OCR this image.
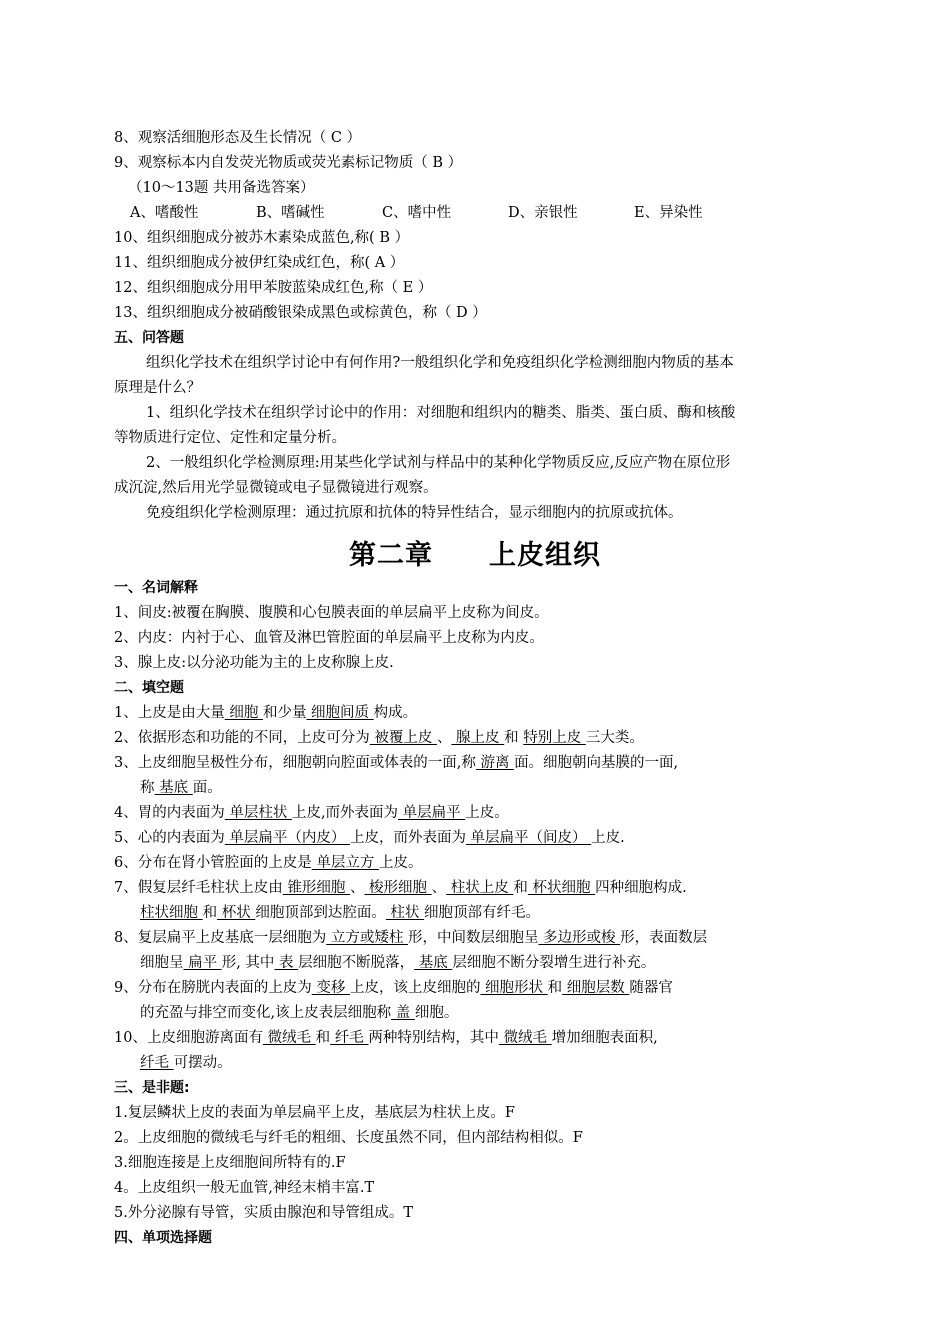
8、观察活细胞形态及生长情况（ C ）
9、观察标本内自发荧光物质或荧光素标记物质（ B ）
（10～13题 共用备选答案）
A、嗜酸性	B、嗜碱性	C、嗜中性	D、亲银性	E、异染性
10、组织细胞成分被苏木素染成蓝色,称( B ）
11、组织细胞成分被伊红染成红色，称( A ）
12、组织细胞成分用甲苯胺蓝染成红色,称（ E ）
13、组织细胞成分被硝酸银染成黑色或棕黄色，称（ D ）
五、问答题
组织化学技术在组织学讨论中有何作用?一般组织化学和免疫组织化学检测细胞内物质的基本
原理是什么？
1、组织化学技术在组织学讨论中的作用：对细胞和组织内的糖类、脂类、蛋白质、酶和核酸
等物质进行定位、定性和定量分析。
2、一般组织化学检测原理:用某些化学试剂与样品中的某种化学物质反应,反应产物在原位形
成沉淀,然后用光学显微镜或电子显微镜进行观察。
免疫组织化学检测原理：通过抗原和抗体的特异性结合，显示细胞内的抗原或抗体。
第二章 上皮组织
一、名词解释
1、间皮:被覆在胸膜、腹膜和心包膜表面的单层扁平上皮称为间皮。
2、内皮：内衬于心、血管及淋巴管腔面的单层扁平上皮称为内皮。
3、腺上皮:以分泌功能为主的上皮称腺上皮.
二、填空题
1、上皮是由大量 细胞 和少量 细胞间质 构成。
2、依据形态和功能的不同，上皮可分为 被覆上皮 、 腺上皮 和 特别上皮 三大类。
3、上皮细胞呈极性分布，细胞朝向腔面或体表的一面,称 游离 面。细胞朝向基膜的一面,
称 基底 面。
4、胃的内表面为 单层柱状 上皮,而外表面为 单层扁平 上皮。
5、心的内表面为 单层扁平（内皮） 上皮，而外表面为 单层扁平（间皮） 上皮.
6、分布在肾小管腔面的上皮是 单层立方 上皮。
7、假复层纤毛柱状上皮由 锥形细胞 、 梭形细胞 、 柱状上皮 和 杯状细胞 四种细胞构成.
柱状细胞 和 杯状 细胞顶部到达腔面。 柱状 细胞顶部有纤毛。
8、复层扁平上皮基底一层细胞为 立方或矮柱 形，中间数层细胞呈 多边形或梭 形，表面数层
细胞呈 扁平 形, 其中 表 层细胞不断脱落， 基底 层细胞不断分裂增生进行补充。
9、分布在膀胱内表面的上皮为 变移 上皮，该上皮细胞的 细胞形状 和 细胞层数 随器官
的充盈与排空而变化,该上皮表层细胞称 盖 细胞。
10、上皮细胞游离面有 微绒毛 和 纤毛 两种特别结构，其中 微绒毛 增加细胞表面积,
纤毛 可摆动。
三、是非题:
1.复层鳞状上皮的表面为单层扁平上皮，基底层为柱状上皮。F
2。上皮细胞的微绒毛与纤毛的粗细、长度虽然不同，但内部结构相似。F
3.细胞连接是上皮细胞间所特有的.F
4。上皮组织一般无血管,神经末梢丰富.T
5.外分泌腺有导管，实质由腺泡和导管组成。T
四、单项选择题
